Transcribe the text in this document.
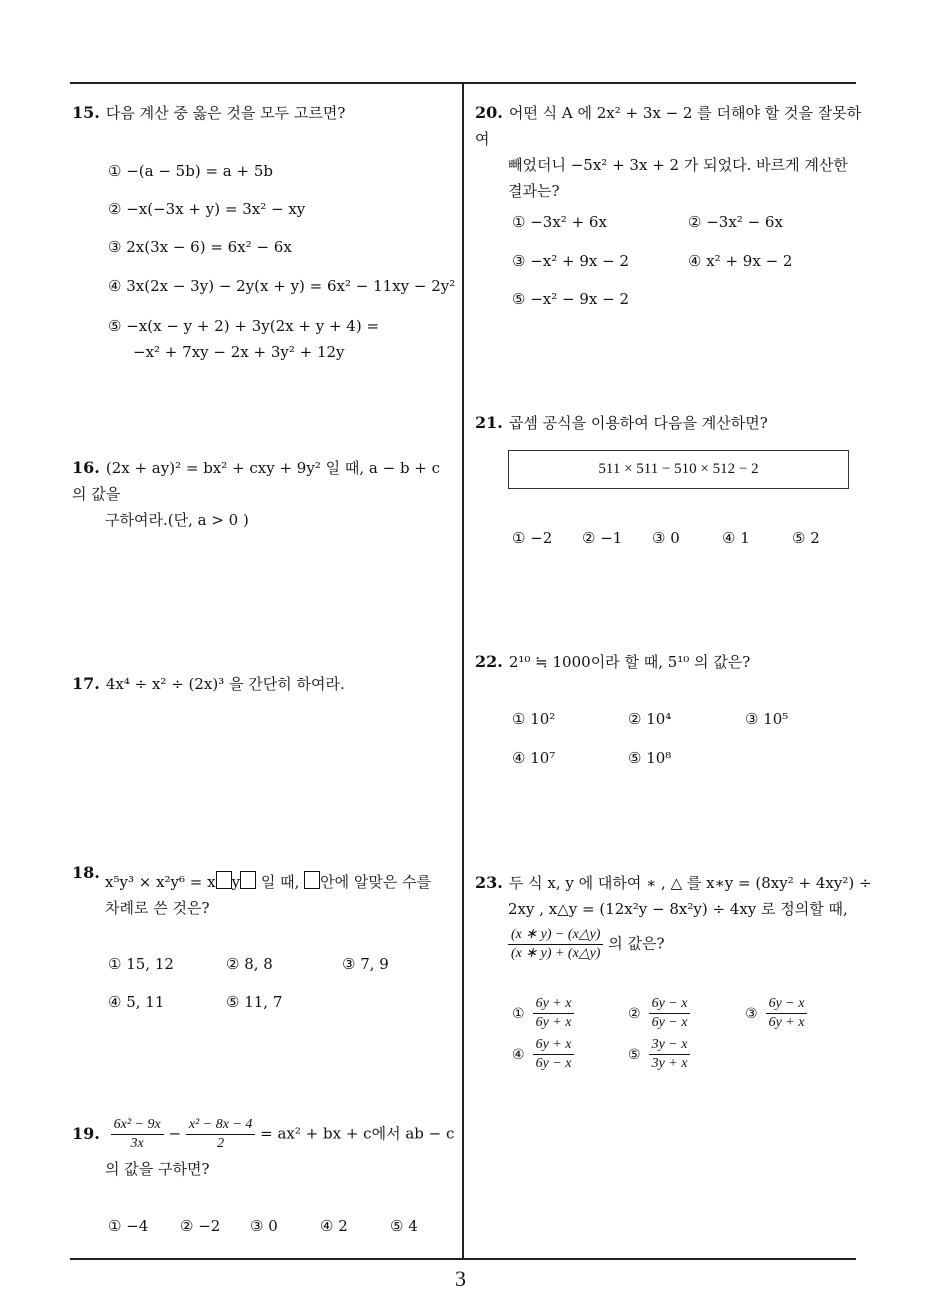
15. 다음 계산 중 옳은 것을 모두 고르면?
① −(a − 5b) = a + 5b
② −x(−3x + y) = 3x² − xy
③ 2x(3x − 6) = 6x² − 6x
④ 3x(2x − 3y) − 2y(x + y) = 6x² − 11xy − 2y²
⑤ −x(x − y + 2) + 3y(2x + y + 4) =
−x² + 7xy − 2x + 3y² + 12y
16. (2x + ay)² = bx² + cxy + 9y² 일 때, a − b + c 의 값을
구하여라.(단, a > 0 )
17. 4x⁴ ÷ x² ÷ (2x)³ 을 간단히 하여라.
18. x⁵y³ × x²y⁶ = x y 일 때, 안에 알맞은 수를
차례로 쓴 것은?
① 15, 12	② 8, 8	③ 7, 9
④ 5, 11	⑤ 11, 7
19. $\frac{\text{6x² − 9x}}{3x} - \frac{\text{x² − 8x − 4}}{2} = ax^2$ + bx + c에서 ab − c
의 값을 구하면?
① −4 ② −2 ③ 0	④ 2	⑤ 4
20. 어떤 식 A 에 2x² + 3x − 2 를 더해야 할 것을 잘못하여
빼었더니 −5x² + 3x + 2 가 되었다. 바르게 계산한
결과는?
① −3x² + 6x	② −3x² − 6x
③ −x² + 9x − 2	④ x² + 9x − 2
⑤ −x² − 9x − 2
21. 곱셈 공식을 이용하여 다음을 계산하면?
511 × 511 − 510 × 512 − 2
① −2 ② −1 ③ 0	④ 1	⑤ 2
22. 2¹⁰ ≒ 1000이라 할 때, 5¹⁰ 의 값은?
① 10²	② 10⁴	③ 10⁵
④ 10⁷	⑤ 10⁸
23. 두 식 x, y 에 대하여 ∗ , △ 를 x∗y = (8xy² + 4xy²) ÷
2xy , x△y = (12x²y − 8x²y) ÷ 4xy 로 정의할 때,
$\frac{(x ∗ y) - (x\triangle y)}{(x ∗ y) + (x\triangle y)}$ 의 값은?
① $\frac{6y + x}{6y + x}$	② $\frac{6y - x}{6y - x}$	③ $\frac{6y - x}{6y + x}$
④ $\frac{6y + x}{6y - x}$	⑤ $\frac{3y - x}{3y + x}$
3
